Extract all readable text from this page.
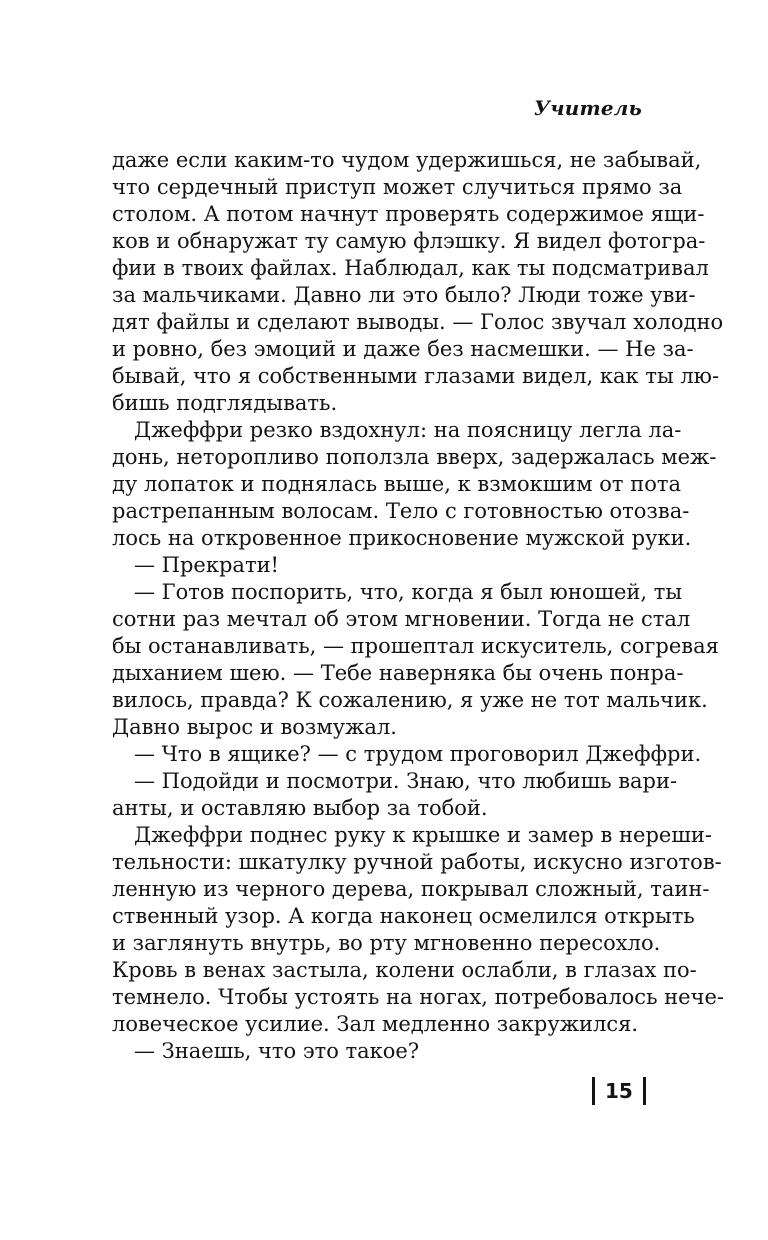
Учитель
даже если каким-то чудом удержишься, не забывай,
что сердечный приступ может случиться прямо за
столом. А потом начнут проверять содержимое ящи-
ков и обнаружат ту самую флэшку. Я видел фотогра-
фии в твоих файлах. Наблюдал, как ты подсматривал
за мальчиками. Давно ли это было? Люди тоже уви-
дят файлы и сделают выводы. — Голос звучал холодно
и ровно, без эмоций и даже без насмешки. — Не за-
бывай, что я собственными глазами видел, как ты лю-
бишь подглядывать.
Джеффри резко вздохнул: на поясницу легла ла-
донь, неторопливо поползла вверх, задержалась меж-
ду лопаток и поднялась выше, к взмокшим от пота
растрепанным волосам. Тело с готовностью отозва-
лось на откровенное прикосновение мужской руки.
— Прекрати!
— Готов поспорить, что, когда я был юношей, ты
сотни раз мечтал об этом мгновении. Тогда не стал
бы останавливать, — прошептал искуситель, согревая
дыханием шею. — Тебе наверняка бы очень понра-
вилось, правда? К сожалению, я уже не тот мальчик.
Давно вырос и возмужал.
— Что в ящике? — с трудом проговорил Джеффри.
— Подойди и посмотри. Знаю, что любишь вари-
анты, и оставляю выбор за тобой.
Джеффри поднес руку к крышке и замер в нереши-
тельности: шкатулку ручной работы, искусно изготов-
ленную из черного дерева, покрывал сложный, таин-
ственный узор. А когда наконец осмелился открыть
и заглянуть внутрь, во рту мгновенно пересохло.
Кровь в венах застыла, колени ослабли, в глазах по-
темнело. Чтобы устоять на ногах, потребовалось нече-
ловеческое усилие. Зал медленно закружился.
— Знаешь, что это такое?
15
